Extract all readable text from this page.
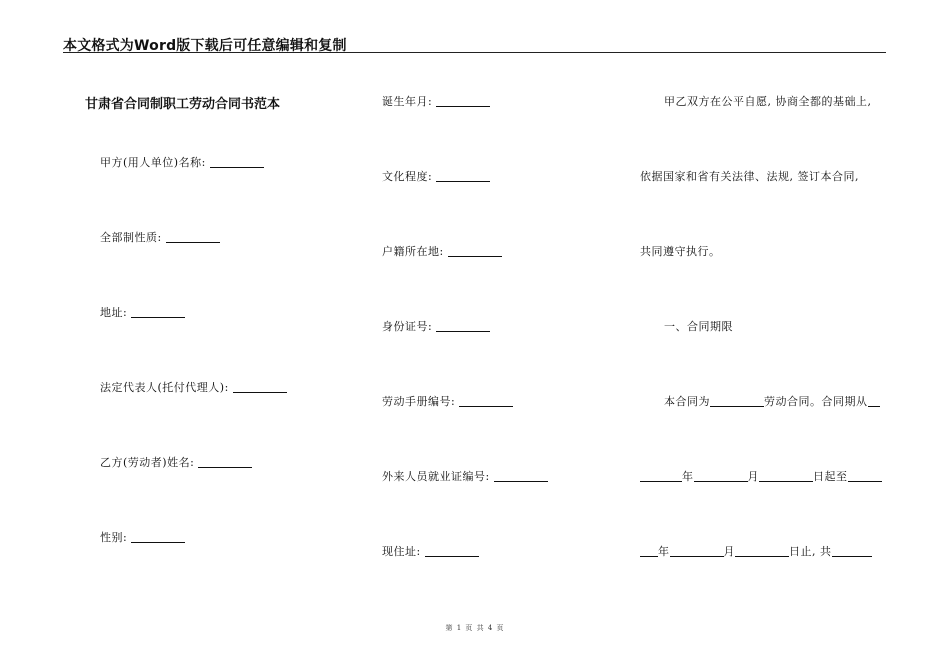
本文格式为Word版下载后可任意编辑和复制
甘肃省合同制职工劳动合同书范本
甲方(用人单位)名称:
全部制性质:
地址:
法定代表人(托付代理人):
乙方(劳动者)姓名:
性别:
诞生年月:
文化程度:
户籍所在地:
身份证号:
劳动手册编号:
外来人员就业证编号:
现住址:
甲乙双方在公平自愿, 协商全都的基础上,
依据国家和省有关法律、法规, 签订本合同,
共同遵守执行。
一、合同期限
本合同为	劳动合同。合同期从
年	月	日起至
年	月	日止, 共
第 1 页 共 4 页
